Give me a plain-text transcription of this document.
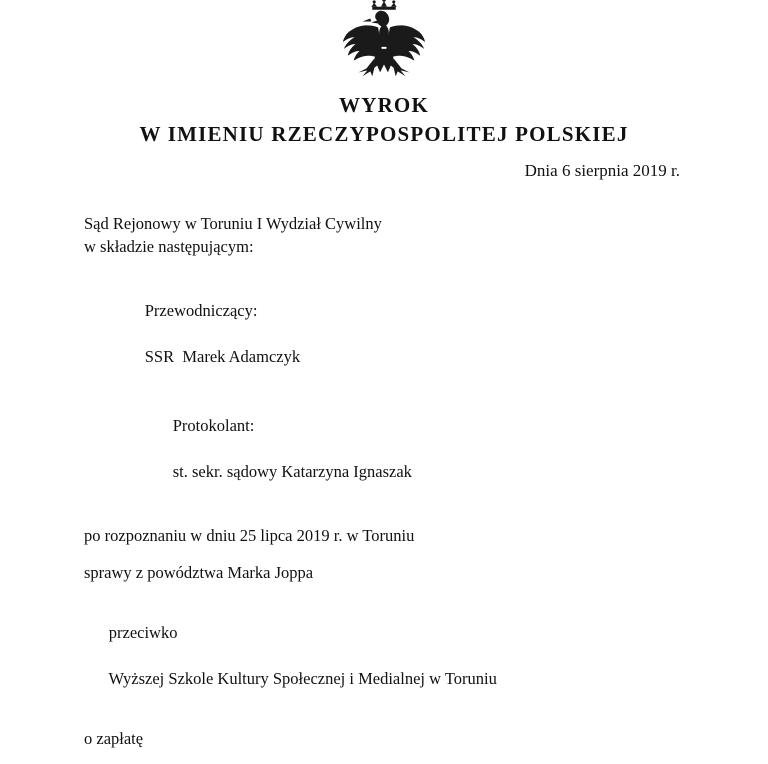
WYROK
W IMIENIU RZECZYPOSPOLITEJ POLSKIEJ
Dnia 6 sierpnia 2019 r.
Sąd Rejonowy w Toruniu I Wydział Cywilny
w składzie następującym:

Przewodniczący:

SSR  Marek Adamczyk

Protokolant:

st. sekr. sądowy Katarzyna Ignaszak

po rozpoznaniu w dniu 25 lipca 2019 r. w Toruniu
sprawy z powództwa Marka Joppa

przeciwko

Wyższej Szkole Kultury Społecznej i Medialnej w Toruniu

o zapłatę
